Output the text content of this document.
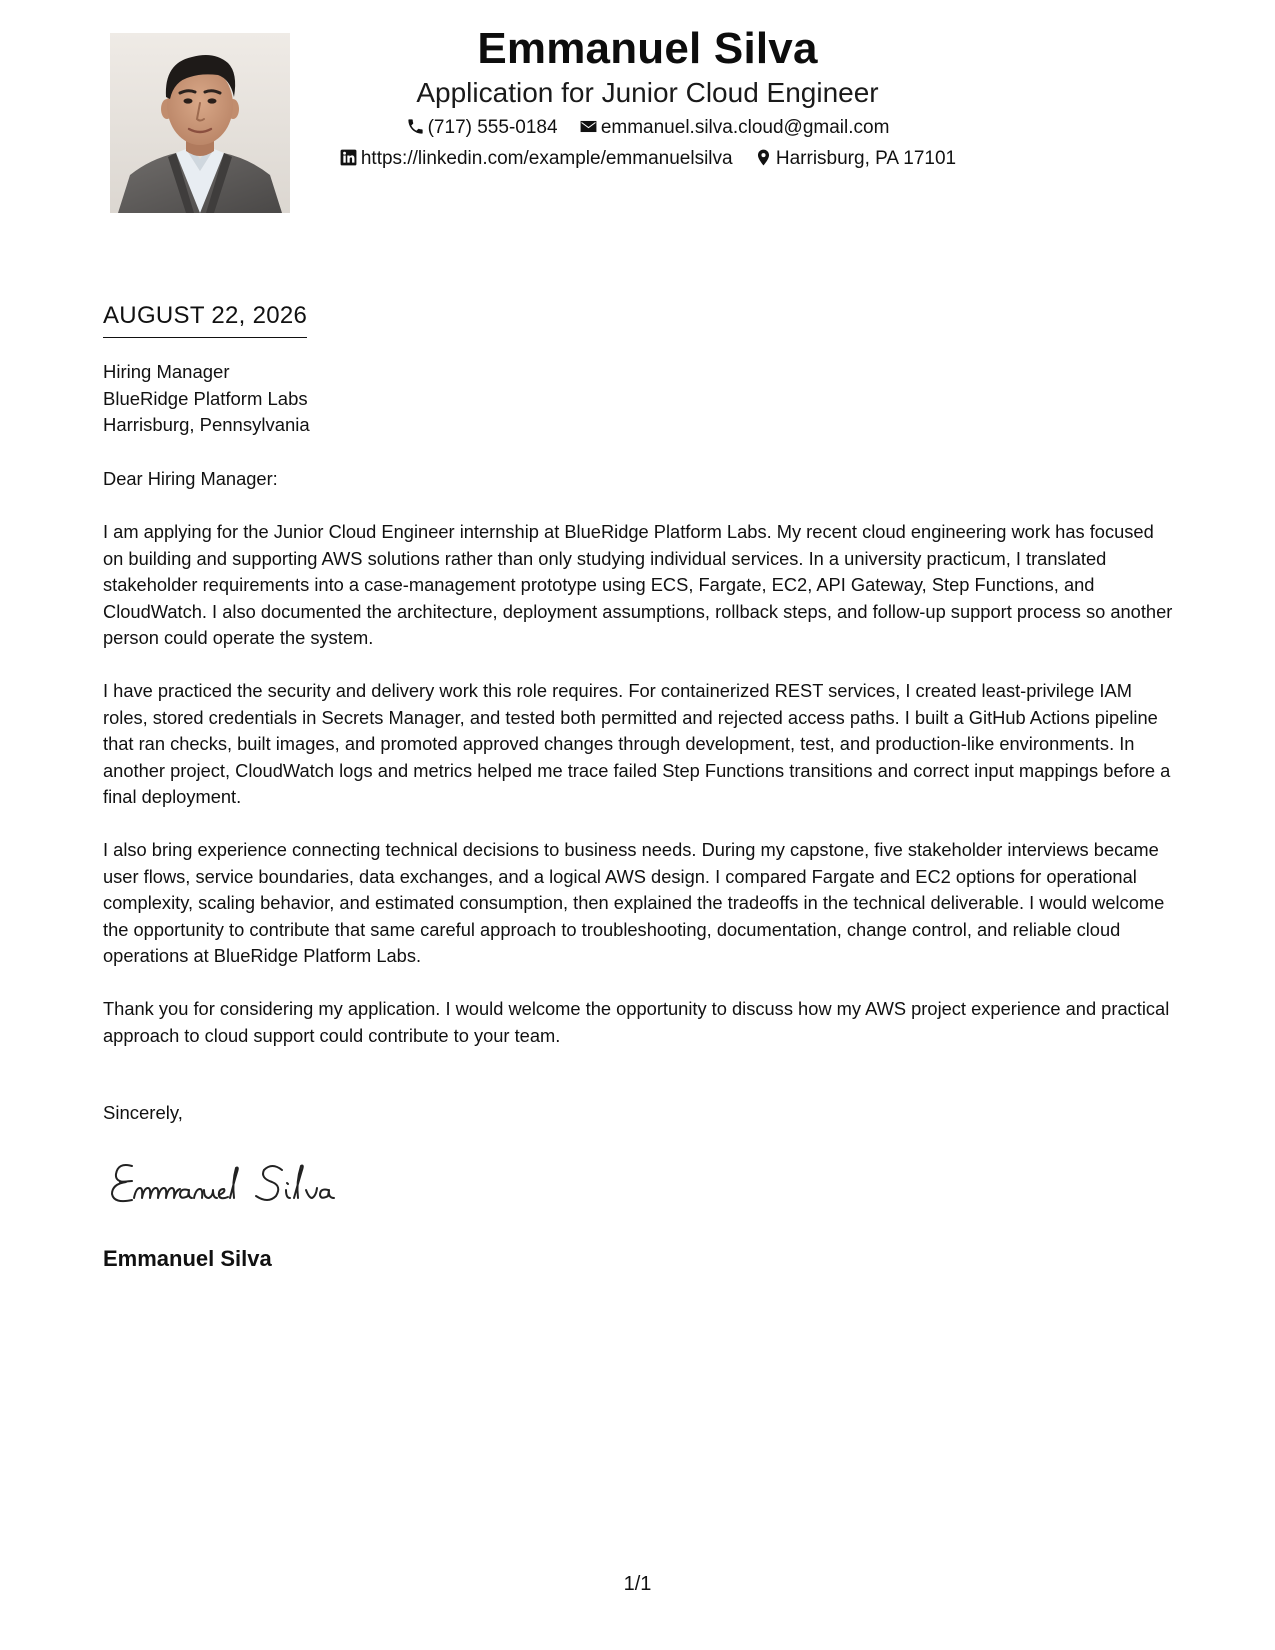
Emmanuel Silva
Application for Junior Cloud Engineer
(717) 555-0184 emmanuel.silva.cloud@gmail.com
https://linkedin.com/example/emmanuelsilva Harrisburg, PA 17101
AUGUST 22, 2026
Hiring Manager
BlueRidge Platform Labs
Harrisburg, Pennsylvania

Dear Hiring Manager:

I am applying for the Junior Cloud Engineer internship at BlueRidge Platform Labs. My recent cloud engineering work has focused on building and supporting AWS solutions rather than only studying individual services. In a university practicum, I translated stakeholder requirements into a case-management prototype using ECS, Fargate, EC2, API Gateway, Step Functions, and CloudWatch. I also documented the architecture, deployment assumptions, rollback steps, and follow-up support process so another person could operate the system.

I have practiced the security and delivery work this role requires. For containerized REST services, I created least-privilege IAM roles, stored credentials in Secrets Manager, and tested both permitted and rejected access paths. I built a GitHub Actions pipeline that ran checks, built images, and promoted approved changes through development, test, and production-like environments. In another project, CloudWatch logs and metrics helped me trace failed Step Functions transitions and correct input mappings before a final deployment.

I also bring experience connecting technical decisions to business needs. During my capstone, five stakeholder interviews became user flows, service boundaries, data exchanges, and a logical AWS design. I compared Fargate and EC2 options for operational complexity, scaling behavior, and estimated consumption, then explained the tradeoffs in the technical deliverable. I would welcome the opportunity to contribute that same careful approach to troubleshooting, documentation, change control, and reliable cloud operations at BlueRidge Platform Labs.

Thank you for considering my application. I would welcome the opportunity to discuss how my AWS project experience and practical approach to cloud support could contribute to your team.

Sincerely,
Emmanuel Silva
1/1
